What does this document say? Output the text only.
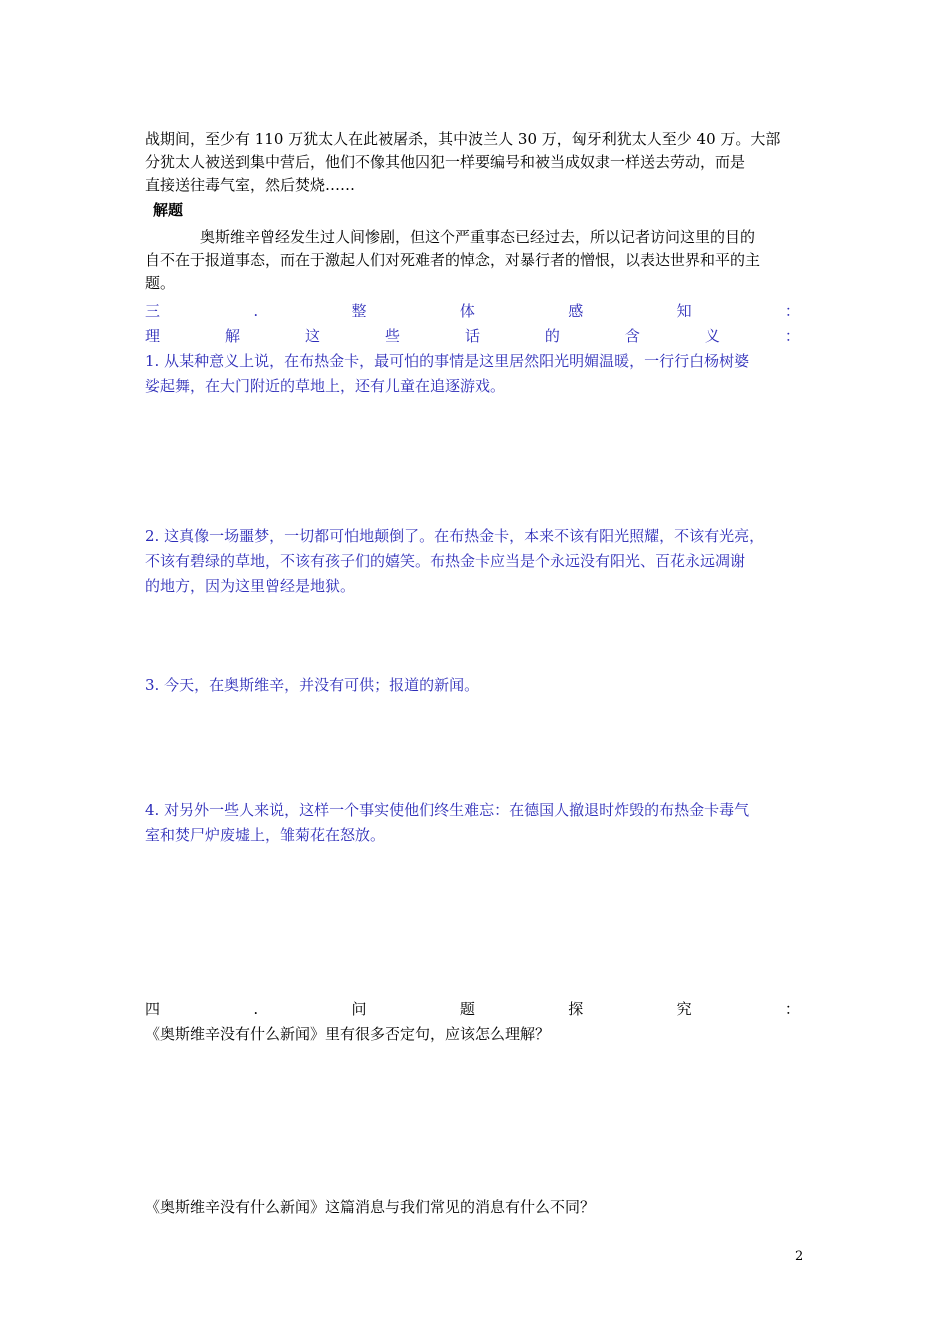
战期间，至少有 110 万犹太人在此被屠杀，其中波兰人 30 万，匈牙利犹太人至少 40 万。大部
分犹太人被送到集中营后，他们不像其他囚犯一样要编号和被当成奴隶一样送去劳动，而是
直接送往毒气室，然后焚烧……
解题
奥斯维辛曾经发生过人间惨剧，但这个严重事态已经过去，所以记者访问这里的目的
自不在于报道事态，而在于激起人们对死难者的悼念，对暴行者的憎恨，以表达世界和平的主
题。
三	.	整	体	感	知	：
理	解	这	些	话	的	含	义	：
1. 从某种意义上说，在布热金卡，最可怕的事情是这里居然阳光明媚温暖，一行行白杨树婆
娑起舞，在大门附近的草地上，还有儿童在追逐游戏。
2. 这真像一场噩梦，一切都可怕地颠倒了。在布热金卡，本来不该有阳光照耀，不该有光亮，
不该有碧绿的草地，不该有孩子们的嬉笑。布热金卡应当是个永远没有阳光、百花永远凋谢
的地方，因为这里曾经是地狱。
3. 今天，在奥斯维辛，并没有可供；报道的新闻。
4. 对另外一些人来说，这样一个事实使他们终生难忘：在德国人撤退时炸毁的布热金卡毒气
室和焚尸炉废墟上，雏菊花在怒放。
四	.	问	题	探	究	：
《奥斯维辛没有什么新闻》里有很多否定句，应该怎么理解？
《奥斯维辛没有什么新闻》这篇消息与我们常见的消息有什么不同？
2
